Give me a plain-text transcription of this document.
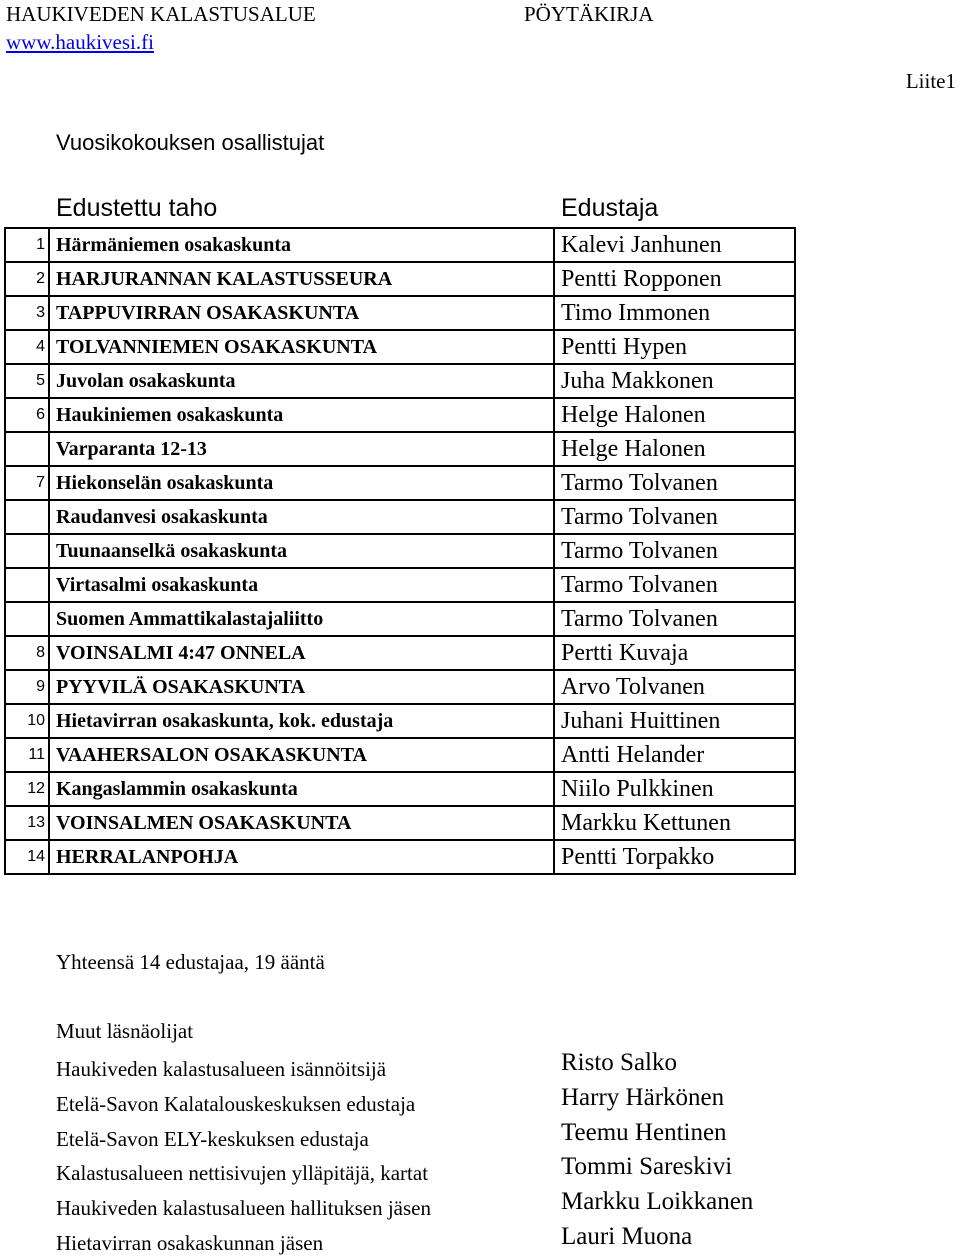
HAUKIVEDEN KALASTUSALUE
www.haukivesi.fi
PÖYTÄKIRJA
Liite1
Vuosikokouksen osallistujat
Edustettu taho	Edustaja
1	Härmäniemen osakaskunta	Kalevi Janhunen
2	HARJURANNAN KALASTUSSEURA	Pentti Ropponen
3	TAPPUVIRRAN OSAKASKUNTA	Timo Immonen
4	TOLVANNIEMEN OSAKASKUNTA	Pentti Hypen
5	Juvolan osakaskunta	Juha Makkonen
6	Haukiniemen osakaskunta	Helge Halonen
	Varparanta 12-13	Helge Halonen
7	Hiekonselän osakaskunta	Tarmo Tolvanen
	Raudanvesi osakaskunta	Tarmo Tolvanen
	Tuunaanselkä osakaskunta	Tarmo Tolvanen
	Virtasalmi osakaskunta	Tarmo Tolvanen
	Suomen Ammattikalastajaliitto	Tarmo Tolvanen
8	VOINSALMI 4:47 ONNELA	Pertti Kuvaja
9	PYYVILÄ OSAKASKUNTA	Arvo Tolvanen
10	Hietavirran osakaskunta, kok. edustaja	Juhani Huittinen
11	VAAHERSALON OSAKASKUNTA	Antti Helander
12	Kangaslammin osakaskunta	Niilo Pulkkinen
13	VOINSALMEN OSAKASKUNTA	Markku Kettunen
14	HERRALANPOHJA	Pentti Torpakko
Yhteensä 14 edustajaa, 19 ääntä
Muut läsnäolijat
Haukiveden kalastusalueen isännöitsijä	Risto Salko
Etelä-Savon Kalatalouskeskuksen edustaja	Harry Härkönen
Etelä-Savon ELY-keskuksen edustaja	Teemu Hentinen
Kalastusalueen nettisivujen ylläpitäjä, kartat	Tommi Sareskivi
Haukiveden kalastusalueen hallituksen jäsen	Markku Loikkanen
Hietavirran osakaskunnan jäsen	Lauri Muona
